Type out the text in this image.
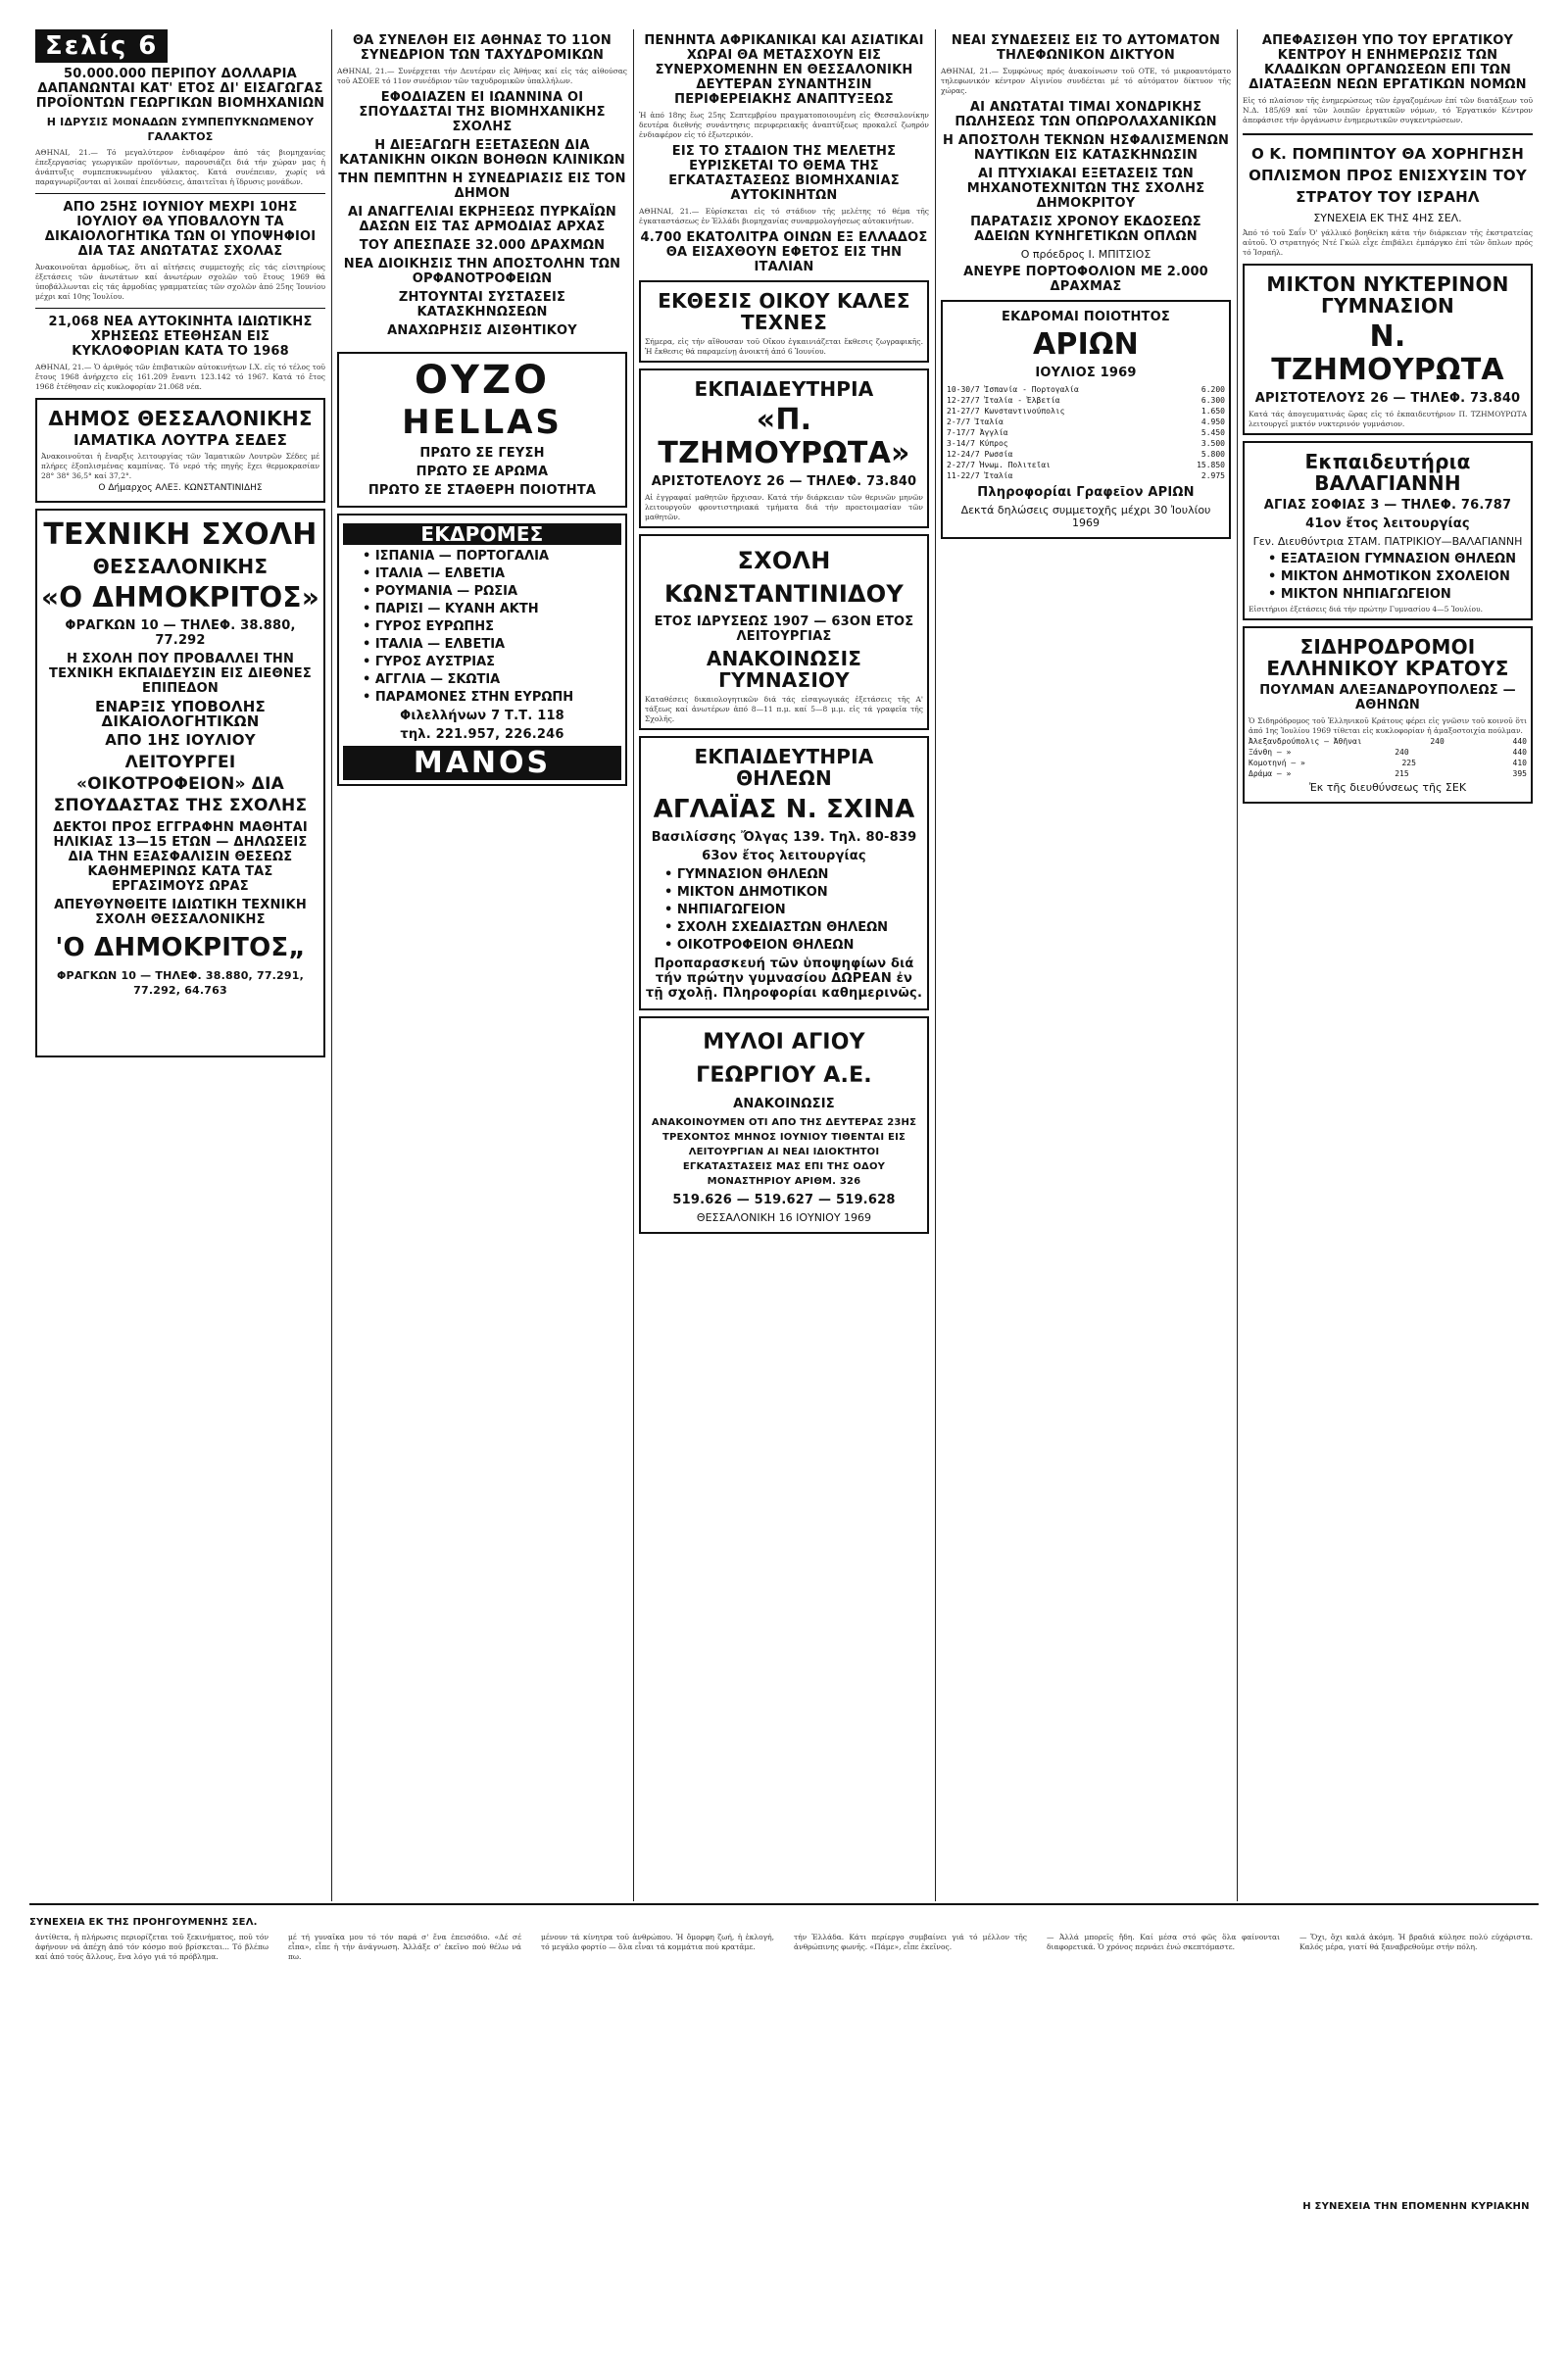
Σελίς 6
50.000.000 ΠΕΡΙΠΟΥ ΔΟΛΛΑΡΙΑ ΔΑΠΑΝΩΝΤΑΙ ΚΑΤ' ΕΤΟΣ ΔΙ' ΕΙΣΑΓΩΓΑΣ ΠΡΟΪΟΝΤΩΝ ΓΕΩΡΓΙΚΩΝ ΒΙΟΜΗΧΑΝΙΩΝ
Η ΙΔΡΥΣΙΣ ΜΟΝΑΔΩΝ ΣΥΜΠΕΠΥΚΝΩΜΕΝΟΥ ΓΑΛΑΚΤΟΣ
ΑΘΗΝΑΙ, 21.— Τό μεγαλύτερον ἐνδιαφέρον ἀπό τάς βιομηχανίας ἐπεξεργασίας γεωργικῶν προϊόντων, παρουσιάζει διά τήν χώραν μας ἡ ἀνάπτυξις συμπεπυκνωμένου γάλακτος. Κατά συνέπειαν, χωρίς νά παραγνωρίζονται αἱ λοιπαί ἐπενδύσεις, ἀπαιτεῖται ἡ ἵδρυσις μονάδων.
ΑΠΟ 25ΗΣ ΙΟΥΝΙΟΥ ΜΕΧΡΙ 10ΗΣ ΙΟΥΛΙΟΥ ΘΑ ΥΠΟΒΑΛΟΥΝ ΤΑ ΔΙΚΑΙΟΛΟΓΗΤΙΚΑ ΤΩΝ ΟΙ ΥΠΟΨΗΦΙΟΙ ΔΙΑ ΤΑΣ ΑΝΩΤΑΤΑΣ ΣΧΟΛΑΣ
Ἀνακοινοῦται ἀρμοδίως, ὅτι αἱ αἰτήσεις συμμετοχῆς εἰς τάς εἰσιτηρίους ἐξετάσεις τῶν ἀνωτάτων καί ἀνωτέρων σχολῶν τοῦ ἔτους 1969 θά ὑποβάλλωνται εἰς τάς ἁρμοδίας γραμματείας τῶν σχολῶν ἀπό 25ης Ἰουνίου μέχρι καί 10ης Ἰουλίου.
21,068 ΝΕΑ ΑΥΤΟΚΙΝΗΤΑ ΙΔΙΩΤΙΚΗΣ ΧΡΗΣΕΩΣ ΕΤΕΘΗΣΑΝ ΕΙΣ ΚΥΚΛΟΦΟΡΙΑΝ ΚΑΤΑ ΤΟ 1968
ΑΘΗΝΑΙ, 21.— Ὁ ἀριθμός τῶν ἐπιβατικῶν αὐτοκινήτων Ι.Χ. εἰς τό τέλος τοῦ ἔτους 1968 ἀνήρχετο εἰς 161.209 ἔναντι 123.142 τό 1967. Κατά τό ἔτος 1968 ἐτέθησαν εἰς κυκλοφορίαν 21.068 νέα.
ΔΗΜΟΣ ΘΕΣΣΑΛΟΝΙΚΗΣ
ΙΑΜΑΤΙΚΑ ΛΟΥΤΡΑ ΣΕΔΕΣ
Ἀνακοινοῦται ἡ ἔναρξις λειτουργίας τῶν Ἰαματικῶν Λουτρῶν Σέδες μέ πλήρες ἐξοπλισμένας καμπίνας. Τό νερό τῆς πηγῆς ἔχει θερμοκρασίαν 28° 38° 36,5° καί 37,2°.
Ο Δήμαρχος ΑΛΕΞ. ΚΩΝΣΤΑΝΤΙΝΙΔΗΣ
ΤΕΧΝΙΚΗ ΣΧΟΛΗ
ΘΕΣΣΑΛΟΝΙΚΗΣ
«Ο ΔΗΜΟΚΡΙΤΟΣ»
ΦΡΑΓΚΩΝ 10 — ΤΗΛΕΦ. 38.880, 77.292
Η ΣΧΟΛΗ ΠΟΥ ΠΡΟΒΑΛΛΕΙ ΤΗΝ ΤΕΧΝΙΚΗ ΕΚΠΑΙΔΕΥΣΙΝ ΕΙΣ ΔΙΕΘΝΕΣ ΕΠΙΠΕΔΟΝ
ΕΝΑΡΞΙΣ ΥΠΟΒΟΛΗΣ ΔΙΚΑΙΟΛΟΓΗΤΙΚΩΝ
ΑΠΟ 1ΗΣ ΙΟΥΛΙΟΥ
ΛΕΙΤΟΥΡΓΕΙ «ΟΙΚΟΤΡΟΦΕΙΟΝ» ΔΙΑ ΣΠΟΥΔΑΣΤΑΣ ΤΗΣ ΣΧΟΛΗΣ
ΔΕΚΤΟΙ ΠΡΟΣ ΕΓΓΡΑΦΗΝ ΜΑΘΗΤΑΙ ΗΛΙΚΙΑΣ 13—15 ΕΤΩΝ — ΔΗΛΩΣΕΙΣ ΔΙΑ ΤΗΝ ΕΞΑΣΦΑΛΙΣΙΝ ΘΕΣΕΩΣ ΚΑΘΗΜΕΡΙΝΩΣ ΚΑΤΑ ΤΑΣ ΕΡΓΑΣΙΜΟΥΣ ΩΡΑΣ
ΑΠΕΥΘΥΝΘΕΙΤΕ ΙΔΙΩΤΙΚΗ ΤΕΧΝΙΚΗ ΣΧΟΛΗ ΘΕΣΣΑΛΟΝΙΚΗΣ
'Ο ΔΗΜΟΚΡΙΤΟΣ„
ΦΡΑΓΚΩΝ 10 — ΤΗΛΕΦ. 38.880, 77.291, 77.292, 64.763
ΘΑ ΣΥΝΕΛΘΗ ΕΙΣ ΑΘΗΝΑΣ ΤΟ 11ΟΝ ΣΥΝΕΔΡΙΟΝ ΤΩΝ ΤΑΧΥΔΡΟΜΙΚΩΝ
ΑΘΗΝΑΙ, 21.— Συνέρχεται τήν Δευτέραν εἰς Ἀθήνας καί εἰς τάς αἰθούσας τοῦ ΑΣΟΕΕ τό 11ον συνέδριον τῶν ταχυδρομικῶν ὑπαλλήλων.
ΕΦΟΔΙΑΖΕΝ ΕΙ ΙΩΑΝΝΙΝΑ ΟΙ ΣΠΟΥΔΑΣΤΑΙ ΤΗΣ ΒΙΟΜΗΧΑΝΙΚΗΣ ΣΧΟΛΗΣ
Η ΔΙΕΞΑΓΩΓΗ ΕΞΕΤΑΣΕΩΝ ΔΙΑ ΚΑΤΑΝΙΚΗΝ ΟΙΚΩΝ ΒΟΗΘΩΝ ΚΛΙΝΙΚΩΝ
ΤΗΝ ΠΕΜΠΤΗΝ Η ΣΥΝΕΔΡΙΑΣΙΣ ΕΙΣ ΤΟΝ ΔΗΜΟΝ
ΑΙ ΑΝΑΓΓΕΛΙΑΙ ΕΚΡΗΞΕΩΣ ΠΥΡΚΑΪΩΝ ΔΑΣΩΝ ΕΙΣ ΤΑΣ ΑΡΜΟΔΙΑΣ ΑΡΧΑΣ
ΤΟΥ ΑΠΕΣΠΑΣΕ 32.000 ΔΡΑΧΜΩΝ
ΝΕΑ ΔΙΟΙΚΗΣΙΣ ΤΗΝ ΑΠΟΣΤΟΛΗΝ ΤΩΝ ΟΡΦΑΝΟΤΡΟΦΕΙΩΝ
ΖΗΤΟΥΝΤΑΙ ΣΥΣΤΑΣΕΙΣ ΚΑΤΑΣΚΗΝΩΣΕΩΝ
ΑΝΑΧΩΡΗΣΙΣ ΑΙΣΘΗΤΙΚΟΥ
ΟΥΖΟ
HELLAS
ΠΡΩΤΟ ΣΕ ΓΕΥΣΗ
ΠΡΩΤΟ ΣΕ ΑΡΩΜΑ
ΠΡΩΤΟ ΣΕ ΣΤΑΘΕΡΗ ΠΟΙΟΤΗΤΑ
ΕΚΔΡΟΜΕΣ
• ΙΣΠΑΝΙΑ — ΠΟΡΤΟΓΑΛΙΑ
• ΙΤΑΛΙΑ — ΕΛΒΕΤΙΑ
• ΡΟΥΜΑΝΙΑ — ΡΩΣΙΑ
• ΠΑΡΙΣΙ — ΚΥΑΝΗ ΑΚΤΗ
• ΓΥΡΟΣ ΕΥΡΩΠΗΣ
• ΙΤΑΛΙΑ — ΕΛΒΕΤΙΑ
• ΓΥΡΟΣ ΑΥΣΤΡΙΑΣ
• ΑΓΓΛΙΑ — ΣΚΩΤΙΑ
• ΠΑΡΑΜΟΝΕΣ ΣΤΗΝ ΕΥΡΩΠΗ
Φιλελλήνων 7 Τ.Τ. 118
τηλ. 221.957, 226.246
MANOS
ΠΕΝΗΝΤΑ ΑΦΡΙΚΑΝΙΚΑΙ ΚΑΙ ΑΣΙΑΤΙΚΑΙ ΧΩΡΑΙ ΘΑ ΜΕΤΑΣΧΟΥΝ ΕΙΣ ΣΥΝΕΡΧΟΜΕΝΗΝ ΕΝ ΘΕΣΣΑΛΟΝΙΚΗ ΔΕΥΤΕΡΑΝ ΣΥΝΑΝΤΗΣΙΝ ΠΕΡΙΦΕΡΕΙΑΚΗΣ ΑΝΑΠΤΥΞΕΩΣ
Ἡ ἀπό 18ης ἕως 25ης Σεπτεμβρίου πραγματοποιουμένη εἰς Θεσσαλονίκην δευτέρα διεθνής συνάντησις περιφερειακῆς ἀναπτύξεως προκαλεῖ ζωηρόν ἐνδιαφέρον εἰς τό ἐξωτερικόν.
ΕΙΣ ΤΟ ΣΤΑΔΙΟΝ ΤΗΣ ΜΕΛΕΤΗΣ ΕΥΡΙΣΚΕΤΑΙ ΤΟ ΘΕΜΑ ΤΗΣ ΕΓΚΑΤΑΣΤΑΣΕΩΣ ΒΙΟΜΗΧΑΝΙΑΣ ΑΥΤΟΚΙΝΗΤΩΝ
ΑΘΗΝΑΙ, 21.— Εὑρίσκεται εἰς τό στάδιον τῆς μελέτης τό θέμα τῆς ἐγκαταστάσεως ἐν Ἑλλάδι βιομηχανίας συναρμολογήσεως αὐτοκινήτων.
4.700 ΕΚΑΤΟΛΙΤΡΑ ΟΙΝΩΝ ΕΞ ΕΛΛΑΔΟΣ ΘΑ ΕΙΣΑΧΘΟΥΝ ΕΦΕΤΟΣ ΕΙΣ ΤΗΝ ΙΤΑΛΙΑΝ
ΕΚΘΕΣΙΣ ΟΙΚΟΥ ΚΑΛΕΣ ΤΕΧΝΕΣ
Σήμερα, εἰς τήν αἴθουσαν τοῦ Οἴκου ἐγκαινιάζεται ἔκθεσις ζωγραφικῆς. Ἡ ἔκθεσις θά παραμείνῃ ἀνοικτή ἀπό 6 Ἰουνίου.
ΕΚΠΑΙΔΕΥΤΗΡΙΑ
«Π. ΤΖΗΜΟΥΡΩΤΑ»
ΑΡΙΣΤΟΤΕΛΟΥΣ 26 — ΤΗΛΕΦ. 73.840
Αἱ ἐγγραφαί μαθητῶν ἤρχισαν. Κατά τήν διάρκειαν τῶν θερινῶν μηνῶν λειτουργοῦν φροντιστηριακά τμήματα διά τήν προετοιμασίαν τῶν μαθητῶν.
ΣΧΟΛΗ ΚΩΝΣΤΑΝΤΙΝΙΔΟΥ
ΕΤΟΣ ΙΔΡΥΣΕΩΣ 1907 — 63ΟΝ ΕΤΟΣ ΛΕΙΤΟΥΡΓΙΑΣ
ΑΝΑΚΟΙΝΩΣΙΣ ΓΥΜΝΑΣΙΟΥ
Καταθέσεις δικαιολογητικῶν διά τάς εἰσαγωγικάς ἐξετάσεις τῆς Α' τάξεως καί ἀνωτέρων ἀπό 8—11 π.μ. καί 5—8 μ.μ. εἰς τά γραφεῖα τῆς Σχολῆς.
ΕΚΠΑΙΔΕΥΤΗΡΙΑ ΘΗΛΕΩΝ
ΑΓΛΑΪΑΣ Ν. ΣΧΙΝΑ
Βασιλίσσης Ὄλγας 139. Τηλ. 80-839
63ον ἔτος λειτουργίας
• ΓΥΜΝΑΣΙΟΝ ΘΗΛΕΩΝ
• ΜΙΚΤΟΝ ΔΗΜΟΤΙΚΟΝ
• ΝΗΠΙΑΓΩΓΕΙΟΝ
• ΣΧΟΛΗ ΣΧΕΔΙΑΣΤΩΝ ΘΗΛΕΩΝ
• ΟΙΚΟΤΡΟΦΕΙΟΝ ΘΗΛΕΩΝ
Προπαρασκευή τῶν ὑποψηφίων διά τήν πρώτην γυμνασίου ΔΩΡΕΑΝ ἐν τῇ σχολῇ. Πληροφορίαι καθημερινῶς.
ΜΥΛΟΙ ΑΓΙΟΥ ΓΕΩΡΓΙΟΥ Α.Ε.
ΑΝΑΚΟΙΝΩΣΙΣ
ΑΝΑΚΟΙΝΟΥΜΕΝ ΟΤΙ ΑΠΟ ΤΗΣ ΔΕΥΤΕΡΑΣ 23ΗΣ ΤΡΕΧΟΝΤΟΣ ΜΗΝΟΣ ΙΟΥΝΙΟΥ ΤΙΘΕΝΤΑΙ ΕΙΣ ΛΕΙΤΟΥΡΓΙΑΝ ΑΙ ΝΕΑΙ ΙΔΙΟΚΤΗΤΟΙ ΕΓΚΑΤΑΣΤΑΣΕΙΣ ΜΑΣ ΕΠΙ ΤΗΣ ΟΔΟΥ ΜΟΝΑΣΤΗΡΙΟΥ ΑΡΙΘΜ. 326
519.626 — 519.627 — 519.628
ΘΕΣΣΑΛΟΝΙΚΗ 16 ΙΟΥΝΙΟΥ 1969
ΝΕΑΙ ΣΥΝΔΕΣΕΙΣ ΕΙΣ ΤΟ ΑΥΤΟΜΑΤΟΝ ΤΗΛΕΦΩΝΙΚΟΝ ΔΙΚΤΥΟΝ
ΑΘΗΝΑΙ, 21.— Συμφώνως πρός ἀνακοίνωσιν τοῦ ΟΤΕ, τό μικροαυτόματο τηλεφωνικόν κέντρον Αἰγινίου συνδέεται μέ τό αὐτόματον δίκτυον τῆς χώρας.
ΑΙ ΑΝΩΤΑΤΑΙ ΤΙΜΑΙ ΧΟΝΔΡΙΚΗΣ ΠΩΛΗΣΕΩΣ ΤΩΝ ΟΠΩΡΟΛΑΧΑΝΙΚΩΝ
Η ΑΠΟΣΤΟΛΗ ΤΕΚΝΩΝ ΗΣΦΑΛΙΣΜΕΝΩΝ ΝΑΥΤΙΚΩΝ ΕΙΣ ΚΑΤΑΣΚΗΝΩΣΙΝ
ΑΙ ΠΤΥΧΙΑΚΑΙ ΕΞΕΤΑΣΕΙΣ ΤΩΝ ΜΗΧΑΝΟΤΕΧΝΙΤΩΝ ΤΗΣ ΣΧΟΛΗΣ ΔΗΜΟΚΡΙΤΟΥ
ΠΑΡΑΤΑΣΙΣ ΧΡΟΝΟΥ ΕΚΔΟΣΕΩΣ ΑΔΕΙΩΝ ΚΥΝΗΓΕΤΙΚΩΝ ΟΠΛΩΝ
Ο πρόεδρος Ι. ΜΠΙΤΣΙΟΣ
ΑΝΕΥΡΕ ΠΟΡΤΟΦΟΛΙΟΝ ΜΕ 2.000 ΔΡΑΧΜΑΣ
ΕΚΔΡΟΜΑΙ ΠΟΙΟΤΗΤΟΣ
ΑΡΙΩΝ
ΙΟΥΛΙΟΣ 1969
10-30/7 Ἰσπανία - Πορτογαλία	6.200
12-27/7 Ἰταλία - Ἐλβετία	6.300
21-27/7 Κωνσταντινούπολις	1.650
2-7/7 Ἰταλία	4.950
7-17/7 Ἀγγλία	5.450
3-14/7 Κύπρος	3.500
12-24/7 Ρωσσία	5.800
2-27/7 Ἡνωμ. Πολιτεῖαι	15.850
11-22/7 Ἰταλία	2.975
Πληροφορίαι Γραφεῖον ΑΡΙΩΝ
Δεκτά δηλώσεις συμμετοχῆς μέχρι 30 Ἰουλίου 1969
ΑΠΕΦΑΣΙΣΘΗ ΥΠΟ ΤΟΥ ΕΡΓΑΤΙΚΟΥ ΚΕΝΤΡΟΥ Η ΕΝΗΜΕΡΩΣΙΣ ΤΩΝ ΚΛΑΔΙΚΩΝ ΟΡΓΑΝΩΣΕΩΝ ΕΠΙ ΤΩΝ ΔΙΑΤΑΞΕΩΝ ΝΕΩΝ ΕΡΓΑΤΙΚΩΝ ΝΟΜΩΝ
Εἰς τό πλαίσιον τῆς ἐνημερώσεως τῶν ἐργαζομένων ἐπί τῶν διατάξεων τοῦ Ν.Δ. 185/69 καί τῶν λοιπῶν ἐργατικῶν νόμων, τό Ἐργατικόν Κέντρον ἀπεφάσισε τήν ὀργάνωσιν ἐνημερωτικῶν συγκεντρώσεων.
Ο Κ. ΠΟΜΠΙΝΤΟΥ ΘΑ ΧΟΡΗΓΗΣΗ ΟΠΛΙΣΜΟΝ ΠΡΟΣ ΕΝΙΣΧΥΣΙΝ ΤΟΥ ΣΤΡΑΤΟΥ ΤΟΥ ΙΣΡΑΗΛ
ΣΥΝΕΧΕΙΑ ΕΚ ΤΗΣ 4ΗΣ ΣΕΛ.
Ἀπό τό τοῦ Σαΐν Ὀ' γάλλικό βοηθείκη κάτα τήν διάρκειαν τῆς ἐκστρατείας αὐτοῦ. Ὁ στρατηγός Ντέ Γκώλ εἶχε ἐπιβάλει ἐμπάργκο ἐπί τῶν ὅπλων πρός τό Ἰσραήλ.
ΜΙΚΤΟΝ ΝΥΚΤΕΡΙΝΟΝ ΓΥΜΝΑΣΙΟΝ
Ν. ΤΖΗΜΟΥΡΩΤΑ
ΑΡΙΣΤΟΤΕΛΟΥΣ 26 — ΤΗΛΕΦ. 73.840
Κατά τάς ἀπογευματινάς ὥρας εἰς τό ἐκπαιδευτήριον Π. ΤΖΗΜΟΥΡΩΤΑ λειτουργεῖ μικτόν νυκτερινόν γυμνάσιον.
Εκπαιδευτήρια ΒΑΛΑΓΙΑΝΝΗ
ΑΓΙΑΣ ΣΟΦΙΑΣ 3 — ΤΗΛΕΦ. 76.787
41ον ἔτος λειτουργίας
Γεν. Διευθύντρια ΣΤΑΜ. ΠΑΤΡΙΚΙΟΥ—ΒΑΛΑΓΙΑΝΝΗ
• ΕΞΑΤΑΞΙΟΝ ΓΥΜΝΑΣΙΟΝ ΘΗΛΕΩΝ
• ΜΙΚΤΟΝ ΔΗΜΟΤΙΚΟΝ ΣΧΟΛΕΙΟΝ
• ΜΙΚΤΟΝ ΝΗΠΙΑΓΩΓΕΙΟΝ
Εἰσιτήριοι ἐξετάσεις διά τήν πρώτην Γυμνασίου 4—5 Ἰουλίου.
ΣΙΔΗΡΟΔΡΟΜΟΙ ΕΛΛΗΝΙΚΟΥ ΚΡΑΤΟΥΣ
ΠΟΥΛΜΑΝ ΑΛΕΞΑΝΔΡΟΥΠΟΛΕΩΣ — ΑΘΗΝΩΝ
Ὁ Σιδηρόδρομος τοῦ Ἑλληνικοῦ Κράτους φέρει εἰς γνῶσιν τοῦ κοινοῦ ὅτι ἀπό 1ης Ἰουλίου 1969 τίθεται εἰς κυκλοφορίαν ἡ ἀμαξοστοιχία πούλμαν.
Ἀλεξανδρούπολις — Ἀθῆναι	240	440
Ξάνθη — »	240	440
Κομοτηνή — »	225	410
Δράμα — »	215	395
Ἐκ τῆς διευθύνσεως τῆς ΣΕΚ
ΣΥΝΕΧΕΙΑ ΕΚ ΤΗΣ ΠΡΟΗΓΟΥΜΕΝΗΣ ΣΕΛ.
ἀντίθετα, ἡ πλήρωσις περιορίζεται τοῦ ξεκινήματος, ποῦ τόν ἀφήνουν νά ἀπέχη ἀπό τόν κόσμο πού βρίσκεται... Τό βλέπω καί ἀπό τούς ἄλλους, ἔνα λόγο γιά τό πρόβλημα.
μέ τή γυναῖκα μου τό τόν παρά σ' ἕνα ἐπεισόδιο. «Δέ σέ εἶπα», εἶπε ἡ τήν ἀνάγνωση. Ἀλλάξε σ' ἐκεῖνο πού θέλω νά πω.
μένουν τά κίνητρα τοῦ ἀνθρώπου. Ἡ ὄμορφη ζωή, ἡ ἐκλογή, τό μεγάλο φορτίο — ὅλα εἶναι τά κομμάτια πού κρατᾶμε.
τήν Ἑλλάδα. Κάτι περίεργο συμβαίνει γιά τό μέλλον τῆς ἀνθρώπινης φωνῆς. «Πάμε», εἶπε ἐκεῖνος.
— Ἀλλά μπορεῖς ἤδη. Καί μέσα στό φῶς ὅλα φαίνονται διαφορετικά. Ὁ χρόνος περνάει ἐνώ σκεπτόμαστε.
— Ὄχι, ὄχι καλά ἀκόμη. Ἡ βραδιά κύλησε πολύ εὐχάριστα. Καλός μέρα, γιατί θά ξαναβρεθοῦμε στήν πόλη.
Η ΣΥΝΕΧΕΙΑ ΤΗΝ ΕΠΟΜΕΝΗΝ ΚΥΡΙΑΚΗΝ
